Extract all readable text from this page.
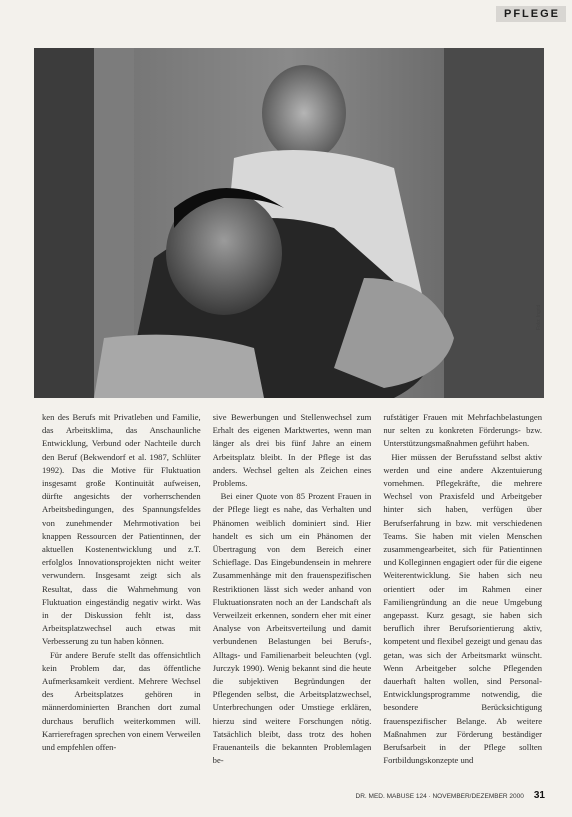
PFLEGE
Foto: Ingrid

ken des Berufs mit Privatleben und Familie, das Arbeitsklima, das Anschaunliche Entwicklung, Verbund oder Nachteile durch den Beruf (Bekwendorf et al. 1987, Schlüter 1992). Das die Motive für Fluktuation insgesamt große Kontinuität aufweisen, dürfte angesichts der vorherrschenden Arbeitsbedingungen, des Spannungsfeldes von zunehmender Mehrmotivation bei knappen Ressourcen der Patientinnen, der aktuellen Kostenentwicklung und z.T. erfolglos Innovationsprojekten nicht weiter verwundern. Insgesamt zeigt sich als Resultat, dass die Wahrnehmung von Fluktuation eingeständig negativ wirkt. Was in der Diskussion fehlt ist, dass Arbeitsplatzwechsel auch etwas mit Verbesserung zu tun haben können.

Für andere Berufe stellt das offensichtlich kein Problem dar, das öffentliche Aufmerksamkeit verdient. Mehrere Wechsel des Arbeitsplatzes gehören in männerdominierten Branchen dort zumal durchaus beruflich weiterkommen will. Karrierefragen sprechen von einem Verweilen und empfehlen offen-

sive Bewerbungen und Stellenwechsel zum Erhalt des eigenen Marktwertes, wenn man länger als drei bis fünf Jahre an einem Arbeitsplatz bleibt. In der Pflege ist das anders. Wechsel gelten als Zeichen eines Problems.

Bei einer Quote von 85 Prozent Frauen in der Pflege liegt es nahe, das Verhalten und Phänomen weiblich dominiert sind. Hier handelt es sich um ein Phänomen der Übertragung von dem Bereich einer Schieflage. Das Eingebundensein in mehrere Zusammenhänge mit den frauenspezifischen Restriktionen lässt sich weder anhand von Fluktuationsraten noch an der Landschaft als Verweilzeit erkennen, sondern eher mit einer Analyse von Arbeitsverteilung und damit verbundenen Belastungen bei Berufs-, Alltags- und Familienarbeit beleuchten (vgl. Jurczyk 1990). Wenig bekannt sind die heute die subjektiven Begründungen der Pflegenden selbst, die Arbeitsplatzwechsel, Unterbrechungen oder Umstiege erklären, hierzu sind weitere Forschungen nötig. Tatsächlich bleibt, dass trotz des hohen Frauenanteils die bekannten Problemlagen be-

rufstätiger Frauen mit Mehrfachbelastungen nur selten zu konkreten Förderungs- bzw. Unterstützungsmaßnahmen geführt haben.

Hier müssen der Berufsstand selbst aktiv werden und eine andere Akzentuierung vornehmen. Pflegekräfte, die mehrere Wechsel von Praxisfeld und Arbeitgeber hinter sich haben, verfügen über Berufserfahrung in bzw. mit verschiedenen Teams. Sie haben mit vielen Menschen zusammengearbeitet, sich für Patientinnen und Kolleginnen engagiert oder für die eigene Weiterentwicklung. Sie haben sich neu orientiert oder im Rahmen einer Familiengründung an die neue Umgebung angepasst. Kurz gesagt, sie haben sich beruflich ihrer Berufsorientierung aktiv, kompetent und flexibel gezeigt und genau das getan, was sich der Arbeitsmarkt wünscht. Wenn Arbeitgeber solche Pflegenden dauerhaft halten wollen, sind Personal-Entwicklungsprogramme notwendig, die besondere Berücksichtigung frauenspezifischer Belange. Ab weitere Maßnahmen zur Förderung beständiger Berufsarbeit in der Pflege sollten Fortbildungskonzepte und

DR. MED. MABUSE 124 · NOVEMBER/DEZEMBER 2000 31
